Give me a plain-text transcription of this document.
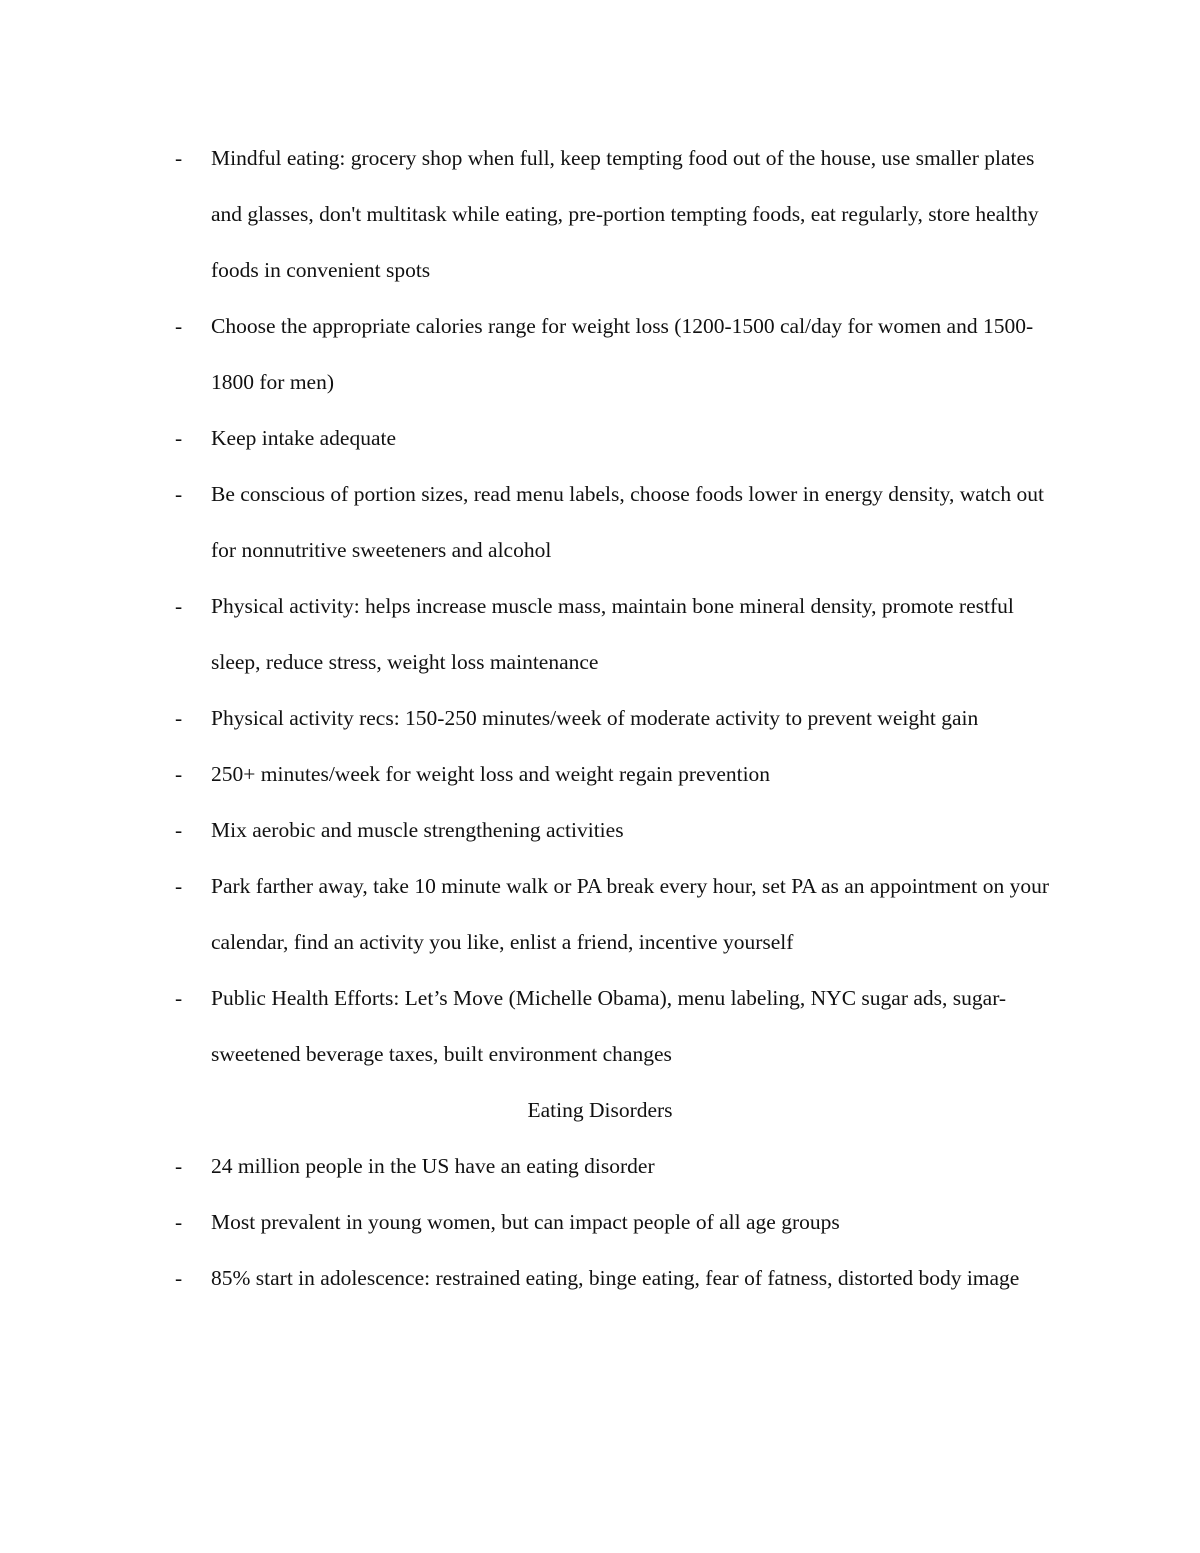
-	Mindful eating: grocery shop when full, keep tempting food out of the house, use smaller plates and glasses, don't multitask while eating, pre-portion tempting foods, eat regularly, store healthy foods in convenient spots
-	Choose the appropriate calories range for weight loss (1200-1500 cal/day for women and 1500-1800 for men)
-	Keep intake adequate
-	Be conscious of portion sizes, read menu labels, choose foods lower in energy density, watch out for nonnutritive sweeteners and alcohol
-	Physical activity: helps increase muscle mass, maintain bone mineral density, promote restful sleep, reduce stress, weight loss maintenance
-	Physical activity recs: 150-250 minutes/week of moderate activity to prevent weight gain
-	250+ minutes/week for weight loss and weight regain prevention
-	Mix aerobic and muscle strengthening activities
-	Park farther away, take 10 minute walk or PA break every hour, set PA as an appointment on your calendar, find an activity you like, enlist a friend, incentive yourself
-	Public Health Efforts: Let’s Move (Michelle Obama), menu labeling, NYC sugar ads, sugar-sweetened beverage taxes, built environment changes

Eating Disorders

-	24 million people in the US have an eating disorder
-	Most prevalent in young women, but can impact people of all age groups
-	85% start in adolescence: restrained eating, binge eating, fear of fatness, distorted body image
